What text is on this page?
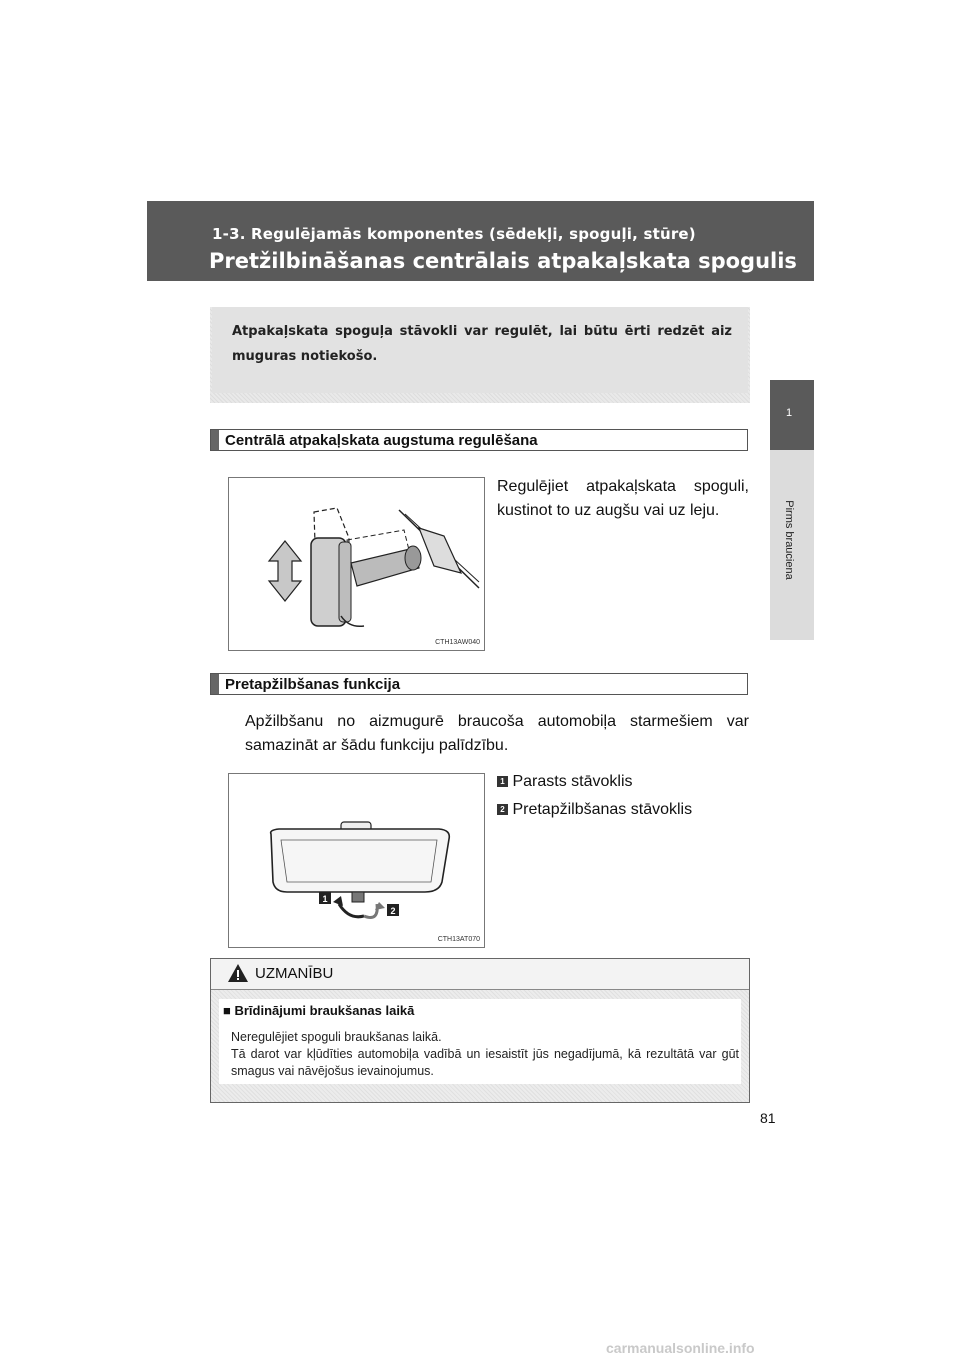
1-3. Regulējamās komponentes (sēdekļi, spoguļi, stūre)
Pretžilbināšanas centrālais atpakaļskata spogulis
1
Pirms brauciena
Atpakaļskata spoguļa stāvokli var regulēt, lai būtu ērti redzēt aiz muguras notiekošo.
Centrālā atpakaļskata augstuma regulēšana
CTH13AW040
Regulējiet atpakaļskata spoguli, kustinot to uz augšu vai uz leju.
Pretapžilbšanas funkcija
Apžilbšanu no aizmugurē braucoša automobiļa starmešiem var samazināt ar šādu funkciju palīdzību.
1
2
CTH13AT070
1 Parasts stāvoklis
2 Pretapžilbšanas stāvoklis
UZMANĪBU
■ Brīdinājumi braukšanas laikā
Neregulējiet spoguli braukšanas laikā.
Tā darot var kļūdīties automobiļa vadībā un iesaistīt jūs negadījumā, kā rezultātā var gūt smagus vai nāvējošus ievainojumus.
81
carmanualsonline.info
